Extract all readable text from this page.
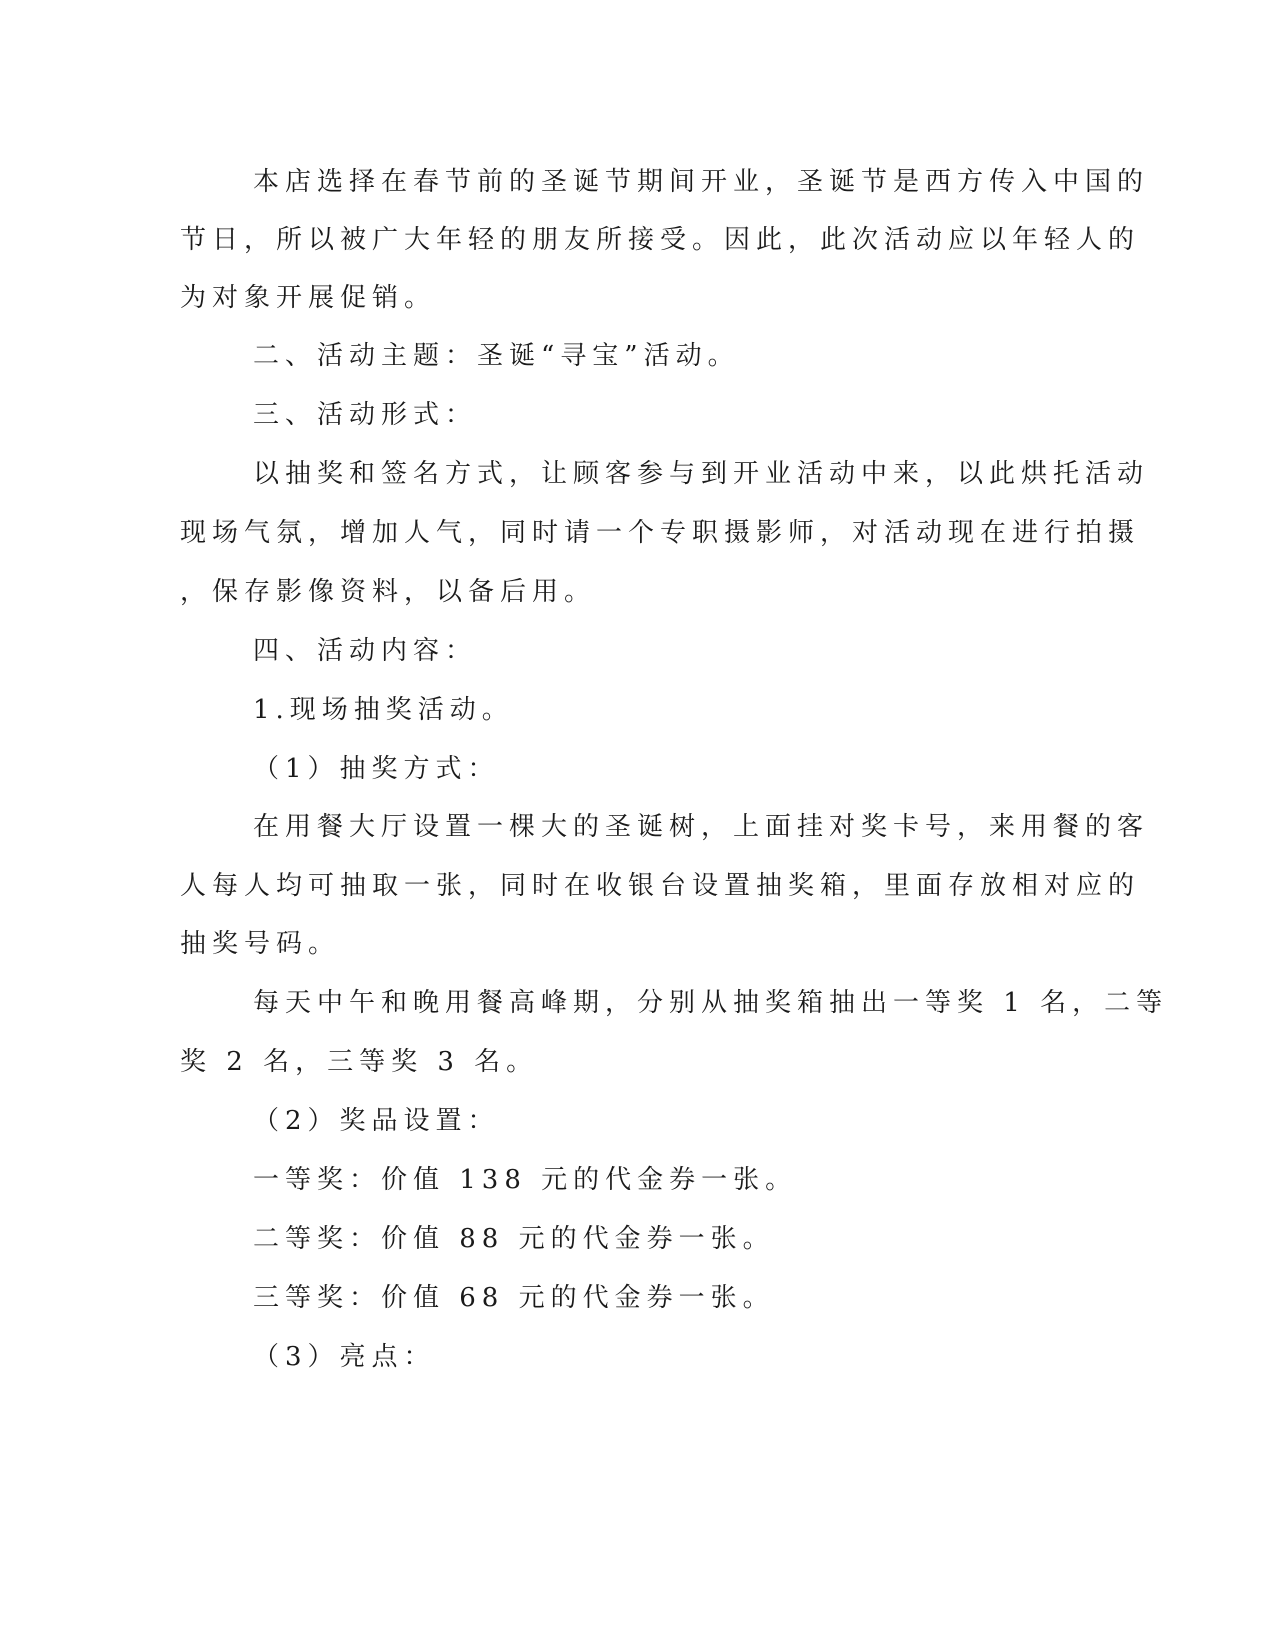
本店选择在春节前的圣诞节期间开业，圣诞节是西方传入中国的
节日，所以被广大年轻的朋友所接受。因此，此次活动应以年轻人的
为对象开展促销。
二、活动主题：圣诞“寻宝”活动。
三、活动形式：
以抽奖和签名方式，让顾客参与到开业活动中来，以此烘托活动
现场气氛，增加人气，同时请一个专职摄影师，对活动现在进行拍摄
，保存影像资料，以备后用。
四、活动内容：
1.现场抽奖活动。
（1）抽奖方式：
在用餐大厅设置一棵大的圣诞树，上面挂对奖卡号，来用餐的客
人每人均可抽取一张，同时在收银台设置抽奖箱，里面存放相对应的
抽奖号码。
每天中午和晚用餐高峰期，分别从抽奖箱抽出一等奖 1 名，二等
奖 2 名，三等奖 3 名。
（2）奖品设置：
一等奖：价值 138 元的代金券一张。
二等奖：价值 88 元的代金券一张。
三等奖：价值 68 元的代金券一张。
（3）亮点：
